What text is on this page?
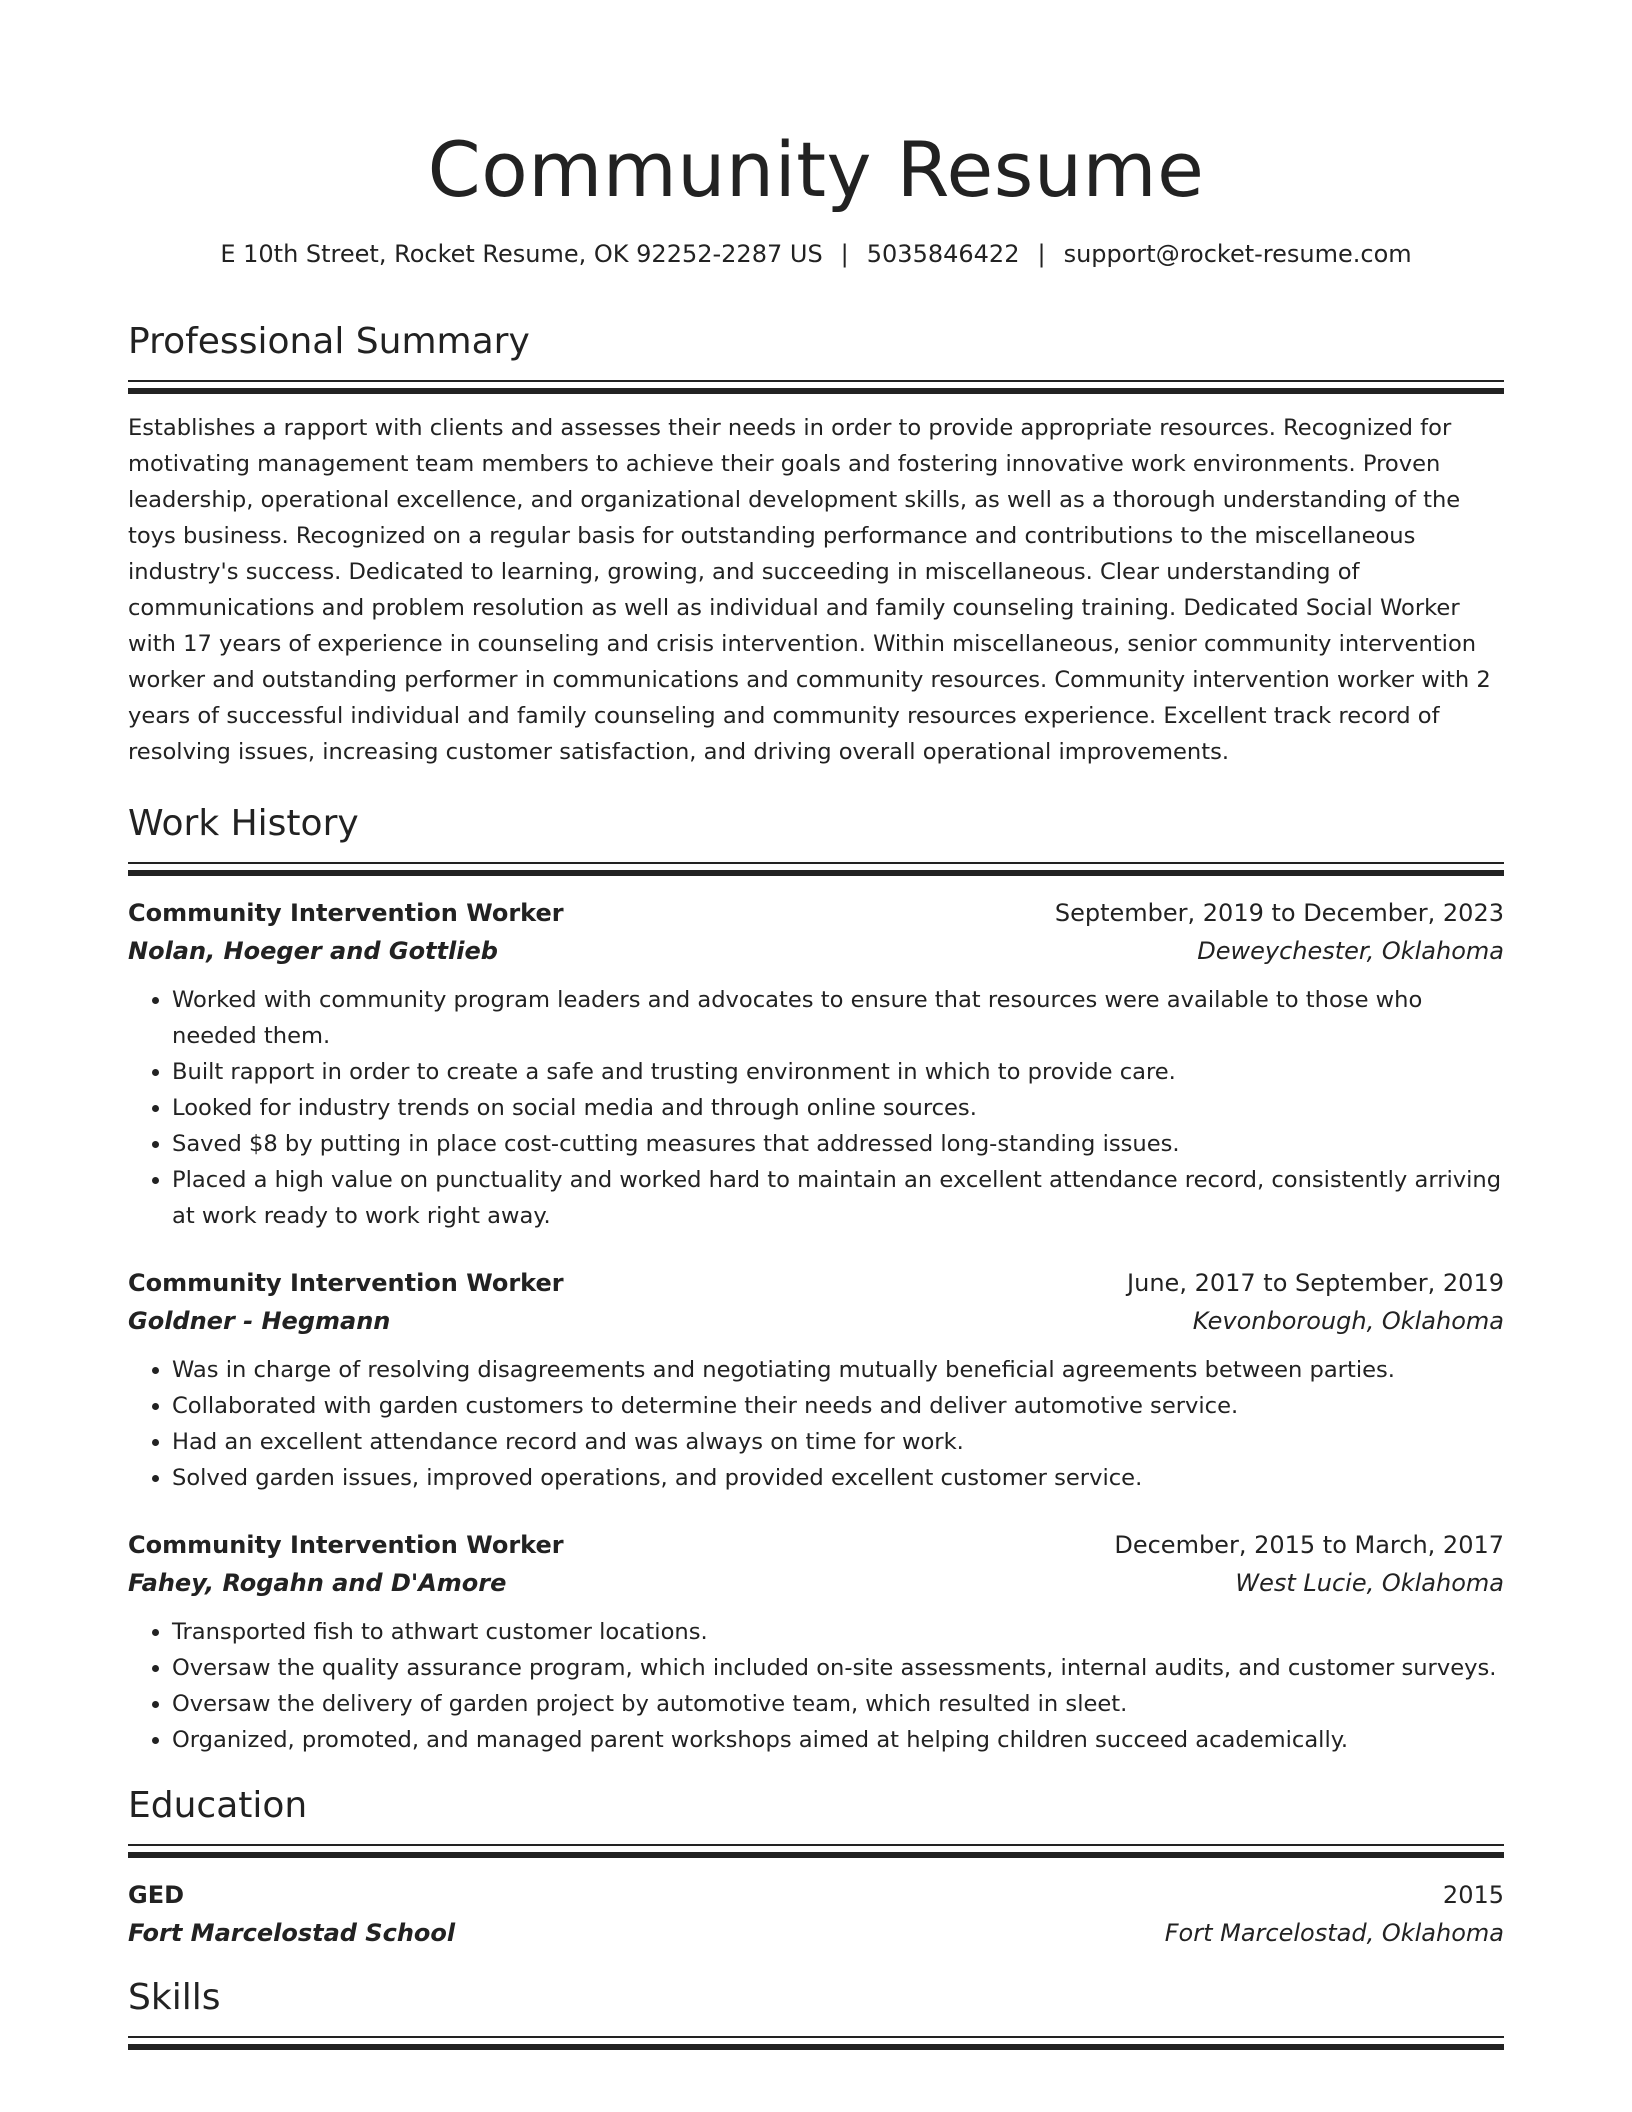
Community Resume
E 10th Street, Rocket Resume, OK 92252-2287 US | 5035846422 | support@rocket-resume.com
Professional Summary

Establishes a rapport with clients and assesses their needs in order to provide appropriate resources. Recognized for motivating management team members to achieve their goals and fostering innovative work environments. Proven leadership, operational excellence, and organizational development skills, as well as a thorough understanding of the toys business. Recognized on a regular basis for outstanding performance and contributions to the miscellaneous industry's success. Dedicated to learning, growing, and succeeding in miscellaneous. Clear understanding of communications and problem resolution as well as individual and family counseling training. Dedicated Social Worker with 17 years of experience in counseling and crisis intervention. Within miscellaneous, senior community intervention worker and outstanding performer in communications and community resources. Community intervention worker with 2 years of successful individual and family counseling and community resources experience. Excellent track record of resolving issues, increasing customer satisfaction, and driving overall operational improvements.

Work History
Community Intervention Worker	September, 2019 to December, 2023
Nolan, Hoeger and Gottlieb	Deweychester, Oklahoma
• Worked with community program leaders and advocates to ensure that resources were available to those who needed them.
• Built rapport in order to create a safe and trusting environment in which to provide care.
• Looked for industry trends on social media and through online sources.
• Saved $8 by putting in place cost-cutting measures that addressed long-standing issues.
• Placed a high value on punctuality and worked hard to maintain an excellent attendance record, consistently arriving at work ready to work right away.
Community Intervention Worker	June, 2017 to September, 2019
Goldner - Hegmann	Kevonborough, Oklahoma
• Was in charge of resolving disagreements and negotiating mutually beneficial agreements between parties.
• Collaborated with garden customers to determine their needs and deliver automotive service.
• Had an excellent attendance record and was always on time for work.
• Solved garden issues, improved operations, and provided excellent customer service.
Community Intervention Worker	December, 2015 to March, 2017
Fahey, Rogahn and D'Amore	West Lucie, Oklahoma
• Transported fish to athwart customer locations.
• Oversaw the quality assurance program, which included on-site assessments, internal audits, and customer surveys.
• Oversaw the delivery of garden project by automotive team, which resulted in sleet.
• Organized, promoted, and managed parent workshops aimed at helping children succeed academically.
Education
GED	2015
Fort Marcelostad School	Fort Marcelostad, Oklahoma
Skills
